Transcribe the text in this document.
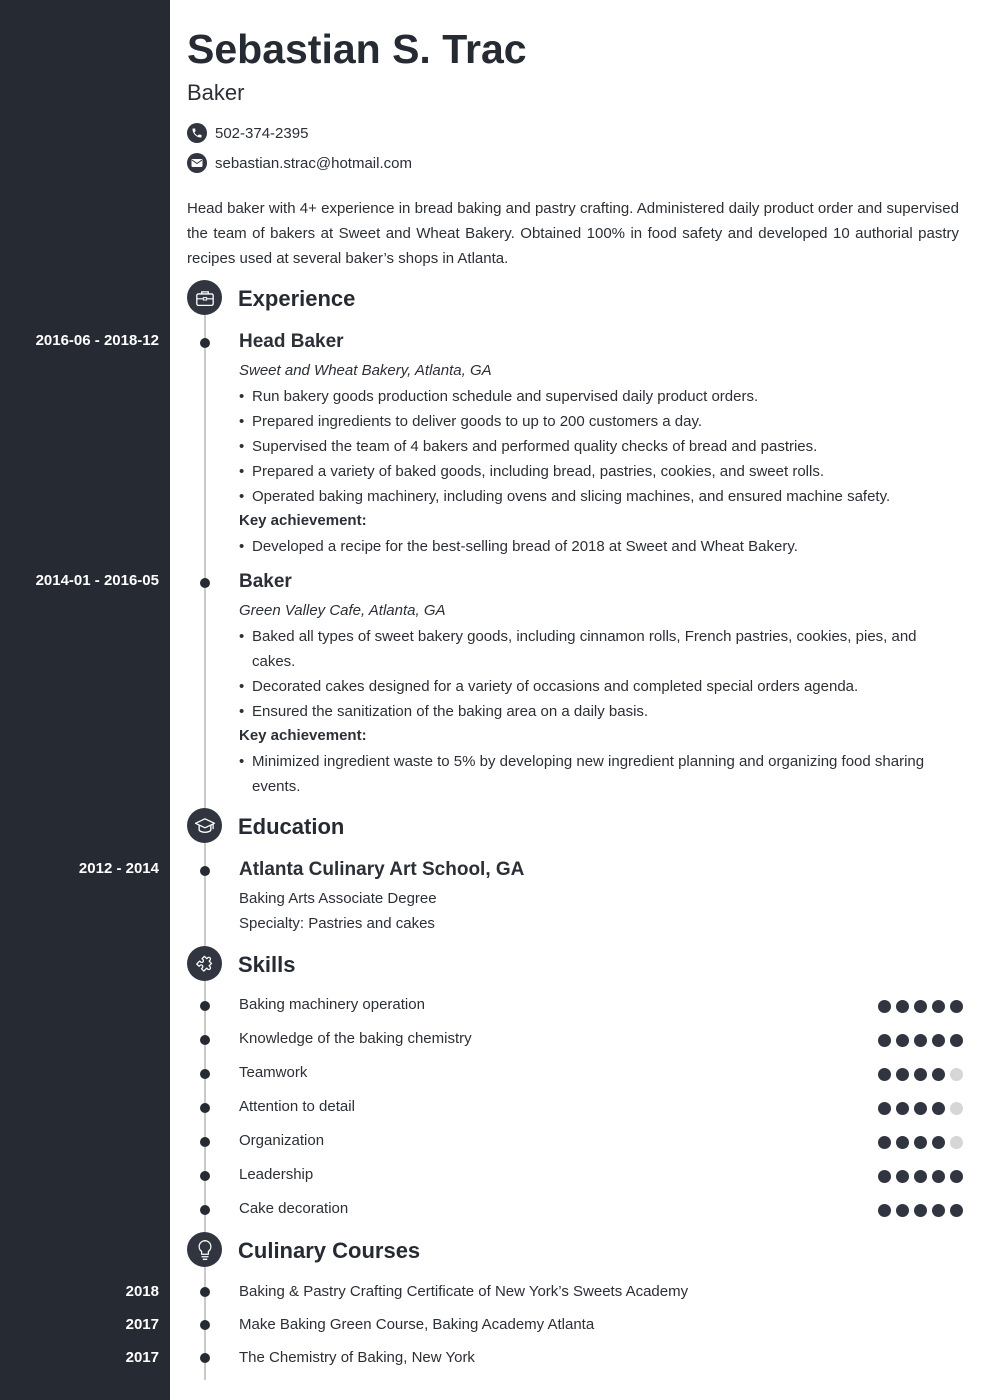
Sebastian S. Trac
Baker
502-374-2395
sebastian.strac@hotmail.com

Head baker with 4+ experience in bread baking and pastry crafting. Administered daily product order and supervised the team of bakers at Sweet and Wheat Bakery. Obtained 100% in food safety and developed 10 authorial pastry recipes used at several baker’s shops in Atlanta.

Experience
2016-06 - 2018-12	Head Baker
Sweet and Wheat Bakery, Atlanta, GA
• Run bakery goods production schedule and supervised daily product orders.
• Prepared ingredients to deliver goods to up to 200 customers a day.
• Supervised the team of 4 bakers and performed quality checks of bread and pastries.
• Prepared a variety of baked goods, including bread, pastries, cookies, and sweet rolls.
• Operated baking machinery, including ovens and slicing machines, and ensured machine safety.
Key achievement:
• Developed a recipe for the best-selling bread of 2018 at Sweet and Wheat Bakery.
2014-01 - 2016-05	Baker
Green Valley Cafe, Atlanta, GA
• Baked all types of sweet bakery goods, including cinnamon rolls, French pastries, cookies, pies, and cakes.
• Decorated cakes designed for a variety of occasions and completed special orders agenda.
• Ensured the sanitization of the baking area on a daily basis.
Key achievement:
• Minimized ingredient waste to 5% by developing new ingredient planning and organizing food sharing events.
Education
2012 - 2014	Atlanta Culinary Art School, GA
Baking Arts Associate Degree
Specialty: Pastries and cakes
Skills
Baking machinery operation
Knowledge of the baking chemistry
Teamwork
Attention to detail
Organization
Leadership
Cake decoration
Culinary Courses
2018	Baking & Pastry Crafting Certificate of New York’s Sweets Academy
2017	Make Baking Green Course, Baking Academy Atlanta
2017	The Chemistry of Baking, New York
